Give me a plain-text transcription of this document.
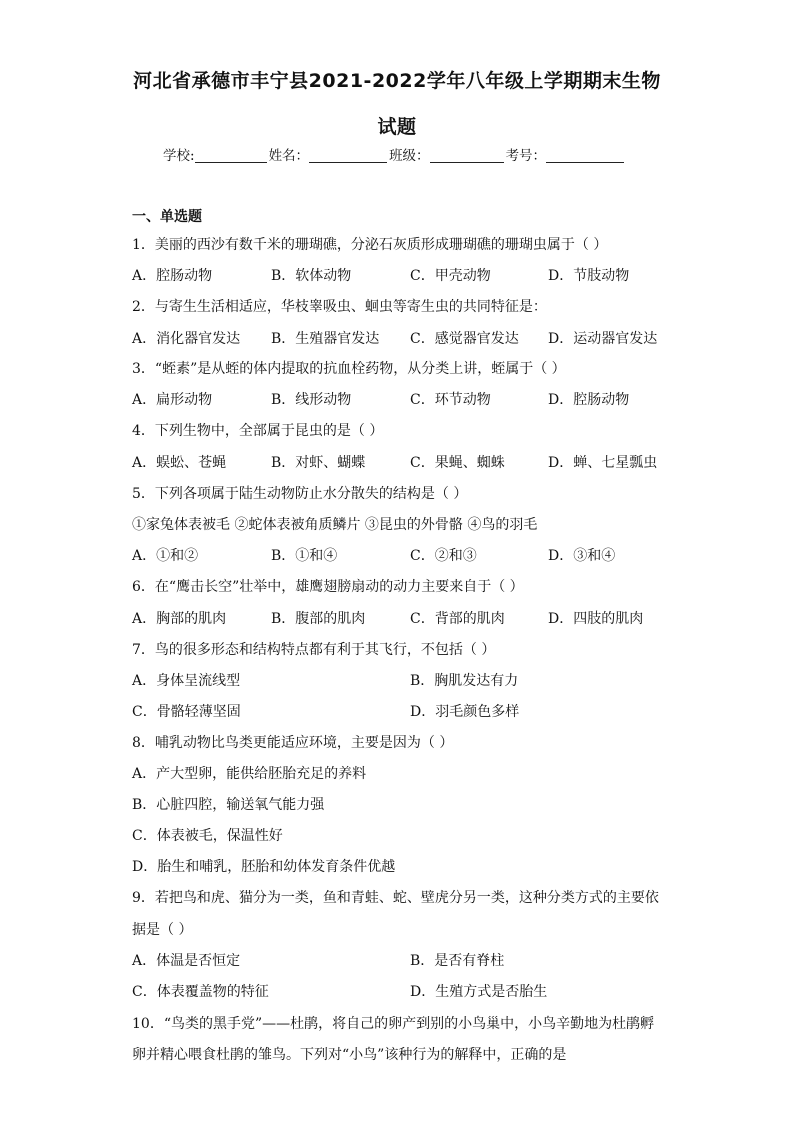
河北省承德市丰宁县2021-2022学年八年级上学期期末生物
试题
学校:	姓名：	班级：	考号：
一、单选题
1．美丽的西沙有数千米的珊瑚礁，分泌石灰质形成珊瑚礁的珊瑚虫属于（ ）
A．腔肠动物	B．软体动物	C．甲壳动物	D．节肢动物
2．与寄生生活相适应，华枝睾吸虫、蛔虫等寄生虫的共同特征是：
A．消化器官发达 B．生殖器官发达 C．感觉器官发达 D．运动器官发达
3．“蛭素”是从蛭的体内提取的抗血栓药物，从分类上讲，蛭属于（ ）
A．扁形动物	B．线形动物	C．环节动物	D．腔肠动物
4．下列生物中，全部属于昆虫的是（ ）
A．蜈蚣、苍蝇	B．对虾、蝴蝶	C．果蝇、蜘蛛	D．蝉、七星瓢虫
5．下列各项属于陆生动物防止水分散失的结构是（ ）
①家兔体表被毛 ②蛇体表被角质鳞片 ③昆虫的外骨骼 ④鸟的羽毛
A．①和②	B．①和④	C．②和③	D．③和④
6．在“鹰击长空”壮举中，雄鹰翅膀扇动的动力主要来自于（ ）
A．胸部的肌肉	B．腹部的肌肉	C．背部的肌肉	D．四肢的肌肉
7．鸟的很多形态和结构特点都有利于其飞行，不包括（ ）
A．身体呈流线型	B．胸肌发达有力
C．骨骼轻薄坚固	D．羽毛颜色多样
8．哺乳动物比鸟类更能适应环境，主要是因为（ ）
A．产大型卵，能供给胚胎充足的养料
B．心脏四腔，输送氧气能力强
C．体表被毛，保温性好
D．胎生和哺乳，胚胎和幼体发育条件优越
9．若把鸟和虎、猫分为一类，鱼和青蛙、蛇、壁虎分另一类，这种分类方式的主要依
据是（ ）
A．体温是否恒定	B．是否有脊柱
C．体表覆盖物的特征	D．生殖方式是否胎生
10．“鸟类的黑手党”——杜鹃，将自己的卵产到别的小鸟巢中，小鸟辛勤地为杜鹃孵
卵并精心喂食杜鹃的雏鸟。下列对“小鸟”该种行为的解释中，正确的是
